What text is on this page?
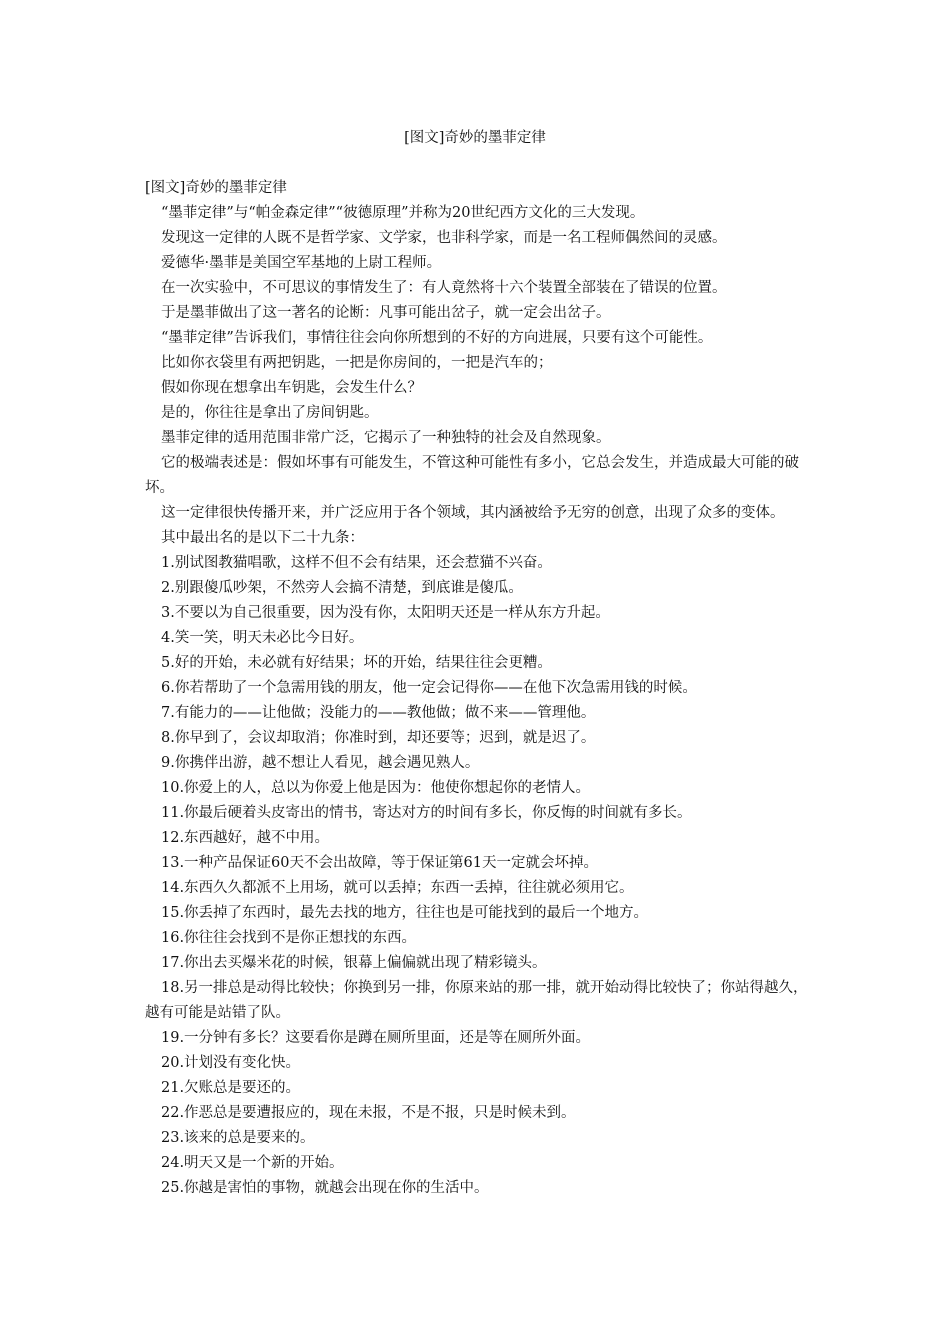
[图文]奇妙的墨菲定律

[图文]奇妙的墨菲定律

“墨菲定律”与“帕金森定律”“彼德原理”并称为20世纪西方文化的三大发现。

发现这一定律的人既不是哲学家、文学家，也非科学家，而是一名工程师偶然间的灵感。

爱德华·墨菲是美国空军基地的上尉工程师。

在一次实验中，不可思议的事情发生了：有人竟然将十六个装置全部装在了错误的位置。

于是墨菲做出了这一著名的论断：凡事可能出岔子，就一定会出岔子。

“墨菲定律”告诉我们，事情往往会向你所想到的不好的方向进展，只要有这个可能性。

比如你衣袋里有两把钥匙，一把是你房间的，一把是汽车的；

假如你现在想拿出车钥匙，会发生什么？

是的，你往往是拿出了房间钥匙。

墨菲定律的适用范围非常广泛，它揭示了一种独特的社会及自然现象。

它的极端表述是：假如坏事有可能发生，不管这种可能性有多小，它总会发生，并造成最大可能的破坏。

这一定律很快传播开来，并广泛应用于各个领域，其内涵被给予无穷的创意，出现了众多的变体。

其中最出名的是以下二十九条：

1.别试图教猫唱歌，这样不但不会有结果，还会惹猫不兴奋。

2.别跟傻瓜吵架，不然旁人会搞不清楚，到底谁是傻瓜。

3.不要以为自己很重要，因为没有你，太阳明天还是一样从东方升起。

4.笑一笑，明天未必比今日好。

5.好的开始，未必就有好结果；坏的开始，结果往往会更糟。

6.你若帮助了一个急需用钱的朋友，他一定会记得你——在他下次急需用钱的时候。

7.有能力的——让他做；没能力的——教他做；做不来——管理他。

8.你早到了，会议却取消；你准时到，却还要等；迟到，就是迟了。

9.你携伴出游，越不想让人看见，越会遇见熟人。

10.你爱上的人，总以为你爱上他是因为：他使你想起你的老情人。

11.你最后硬着头皮寄出的情书，寄达对方的时间有多长，你反悔的时间就有多长。

12.东西越好，越不中用。

13.一种产品保证60天不会出故障，等于保证第61天一定就会坏掉。

14.东西久久都派不上用场，就可以丢掉；东西一丢掉，往往就必须用它。

15.你丢掉了东西时，最先去找的地方，往往也是可能找到的最后一个地方。

16.你往往会找到不是你正想找的东西。

17.你出去买爆米花的时候，银幕上偏偏就出现了精彩镜头。

18.另一排总是动得比较快；你换到另一排，你原来站的那一排，就开始动得比较快了；你站得越久，越有可能是站错了队。

19.一分钟有多长？这要看你是蹲在厕所里面，还是等在厕所外面。

20.计划没有变化快。

21.欠账总是要还的。

22.作恶总是要遭报应的，现在未报，不是不报，只是时候未到。

23.该来的总是要来的。

24.明天又是一个新的开始。

25.你越是害怕的事物，就越会出现在你的生活中。
